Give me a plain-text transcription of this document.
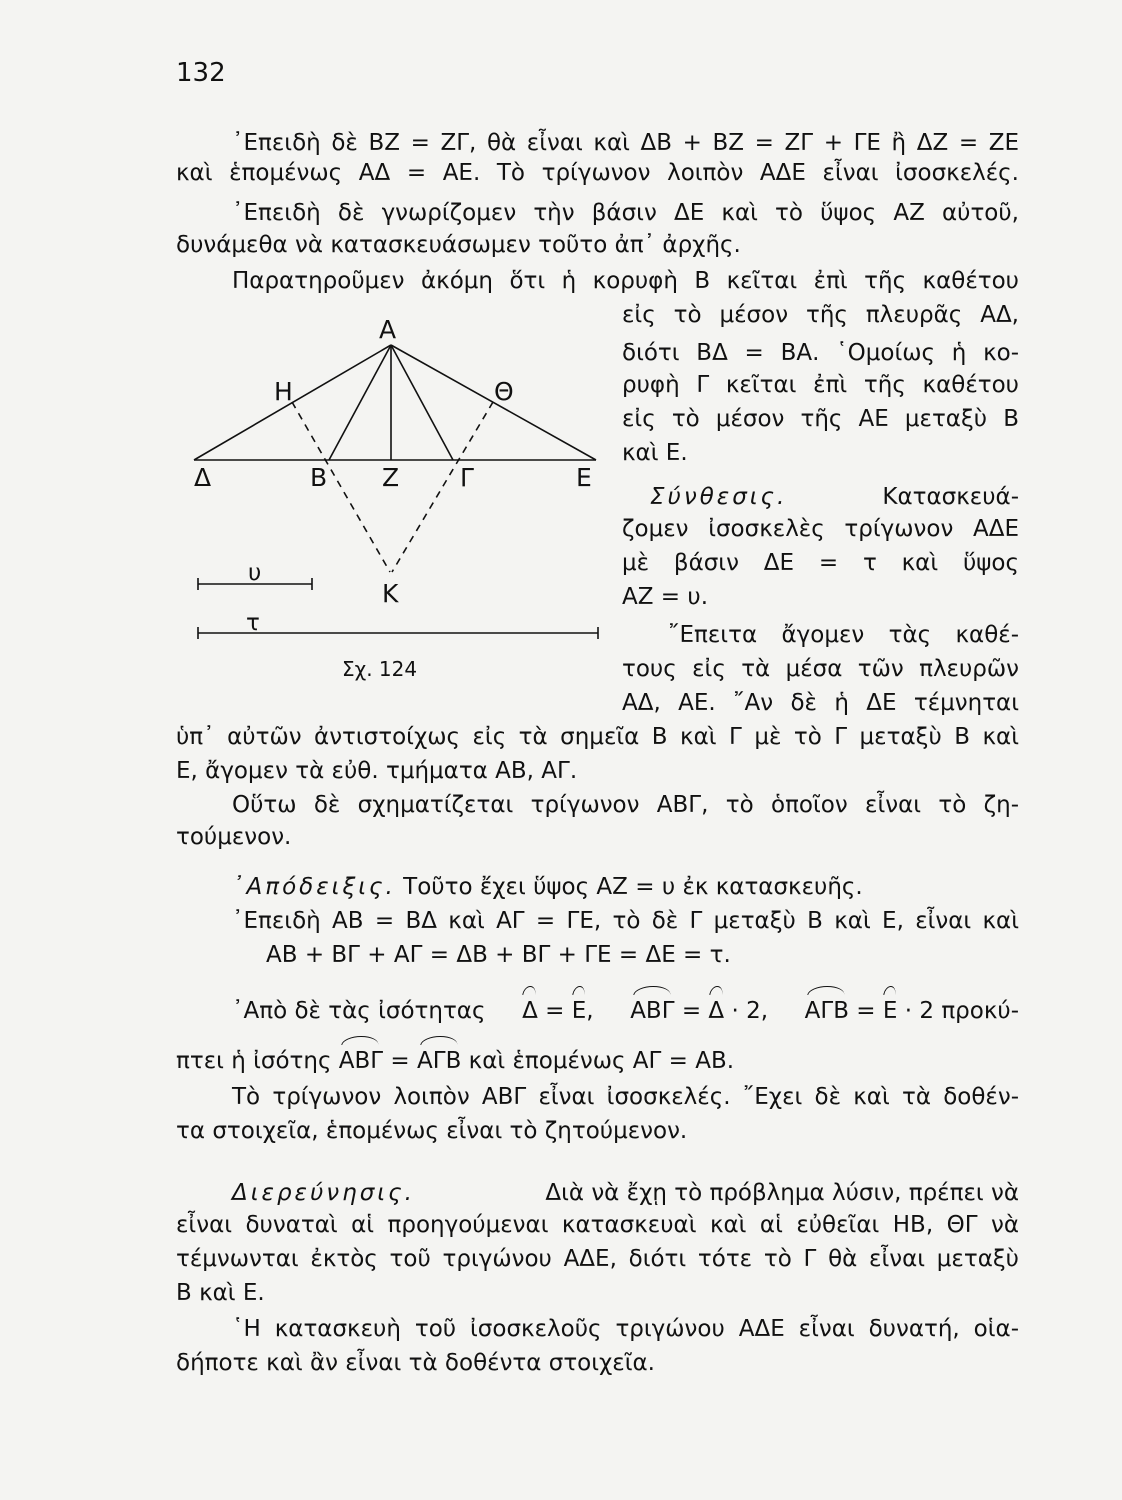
132
᾿Επειδὴ δὲ ΒΖ = ΖΓ, θὰ εἶναι καὶ ΔΒ + ΒΖ = ΖΓ + ΓΕ ἢ ΔΖ = ΖΕ
καὶ ἑπομένως ΑΔ = ΑΕ. Τὸ τρίγωνον λοιπὸν ΑΔΕ εἶναι ἰσοσκελές.
᾿Επειδὴ δὲ γνωρίζομεν τὴν βάσιν ΔΕ καὶ τὸ ὕψος ΑΖ αὐτοῦ,
δυνάμεθα νὰ κατασκευάσωμεν τοῦτο ἀπ᾿ ἀρχῆς.
Παρατηροῦμεν ἀκόμη ὅτι ἡ κορυφὴ Β κεῖται ἐπὶ τῆς καθέτου
εἰς τὸ μέσον τῆς πλευρᾶς ΑΔ,
διότι ΒΔ = ΒΑ. ῾Ομοίως ἡ κο-
ρυφὴ Γ κεῖται ἐπὶ τῆς καθέτου
εἰς τὸ μέσον τῆς ΑΕ μεταξὺ Β
καὶ Ε.
Σύνθεσις.	Κατασκευά-
ζομεν ἰσοσκελὲς τρίγωνον ΑΔΕ
μὲ βάσιν ΔΕ = τ καὶ ὕψος
ΑΖ = υ.
῎Επειτα ἄγομεν τὰς καθέ-
τους εἰς τὰ μέσα τῶν πλευρῶν
ΑΔ, ΑΕ. ῎Αν δὲ ἡ ΔΕ τέμνηται
Α
Η	Θ
Δ	Β Ζ Γ	Ε
Κ
υ
τ
Σχ. 124
ὑπ᾿ αὐτῶν ἀντιστοίχως εἰς τὰ σημεῖα Β καὶ Γ μὲ τὸ Γ μεταξὺ Β καὶ
Ε, ἄγομεν τὰ εὐθ. τμήματα ΑΒ, ΑΓ.
Οὕτω δὲ σχηματίζεται τρίγωνον ΑΒΓ, τὸ ὁποῖον εἶναι τὸ ζη-
τούμενον.
᾿Απόδειξις. Τοῦτο ἔχει ὕψος ΑΖ = υ ἐκ κατασκευῆς.
᾿Επειδὴ ΑΒ = ΒΔ καὶ ΑΓ = ΓΕ, τὸ δὲ Γ μεταξὺ Β καὶ Ε, εἶναι καὶ
ΑΒ + ΒΓ + ΑΓ = ΔΒ + ΒΓ + ΓΕ = ΔΕ = τ.
᾿Απὸ δὲ τὰς ἰσότητας Δ = Ε, ΑΒΓ = Δ · 2, ΑΓΒ = Ε · 2 προκύ-
πτει ἡ ἰσότης ΑΒΓ = ΑΓΒ καὶ ἑπομένως ΑΓ = ΑΒ.
Τὸ τρίγωνον λοιπὸν ΑΒΓ εἶναι ἰσοσκελές. ῎Εχει δὲ καὶ τὰ δοθέν-
τα στοιχεῖα, ἑπομένως εἶναι τὸ ζητούμενον.
Διερεύνησις.	Διὰ νὰ ἔχῃ τὸ πρόβλημα λύσιν, πρέπει νὰ
εἶναι δυναταὶ αἱ προηγούμεναι κατασκευαὶ καὶ αἱ εὐθεῖαι ΗΒ, ΘΓ νὰ
τέμνωνται ἐκτὸς τοῦ τριγώνου ΑΔΕ, διότι τότε τὸ Γ θὰ εἶναι μεταξὺ
Β καὶ Ε.
῾Η κατασκευὴ τοῦ ἰσοσκελοῦς τριγώνου ΑΔΕ εἶναι δυνατή, οἱα-
δήποτε καὶ ἂν εἶναι τὰ δοθέντα στοιχεῖα.
